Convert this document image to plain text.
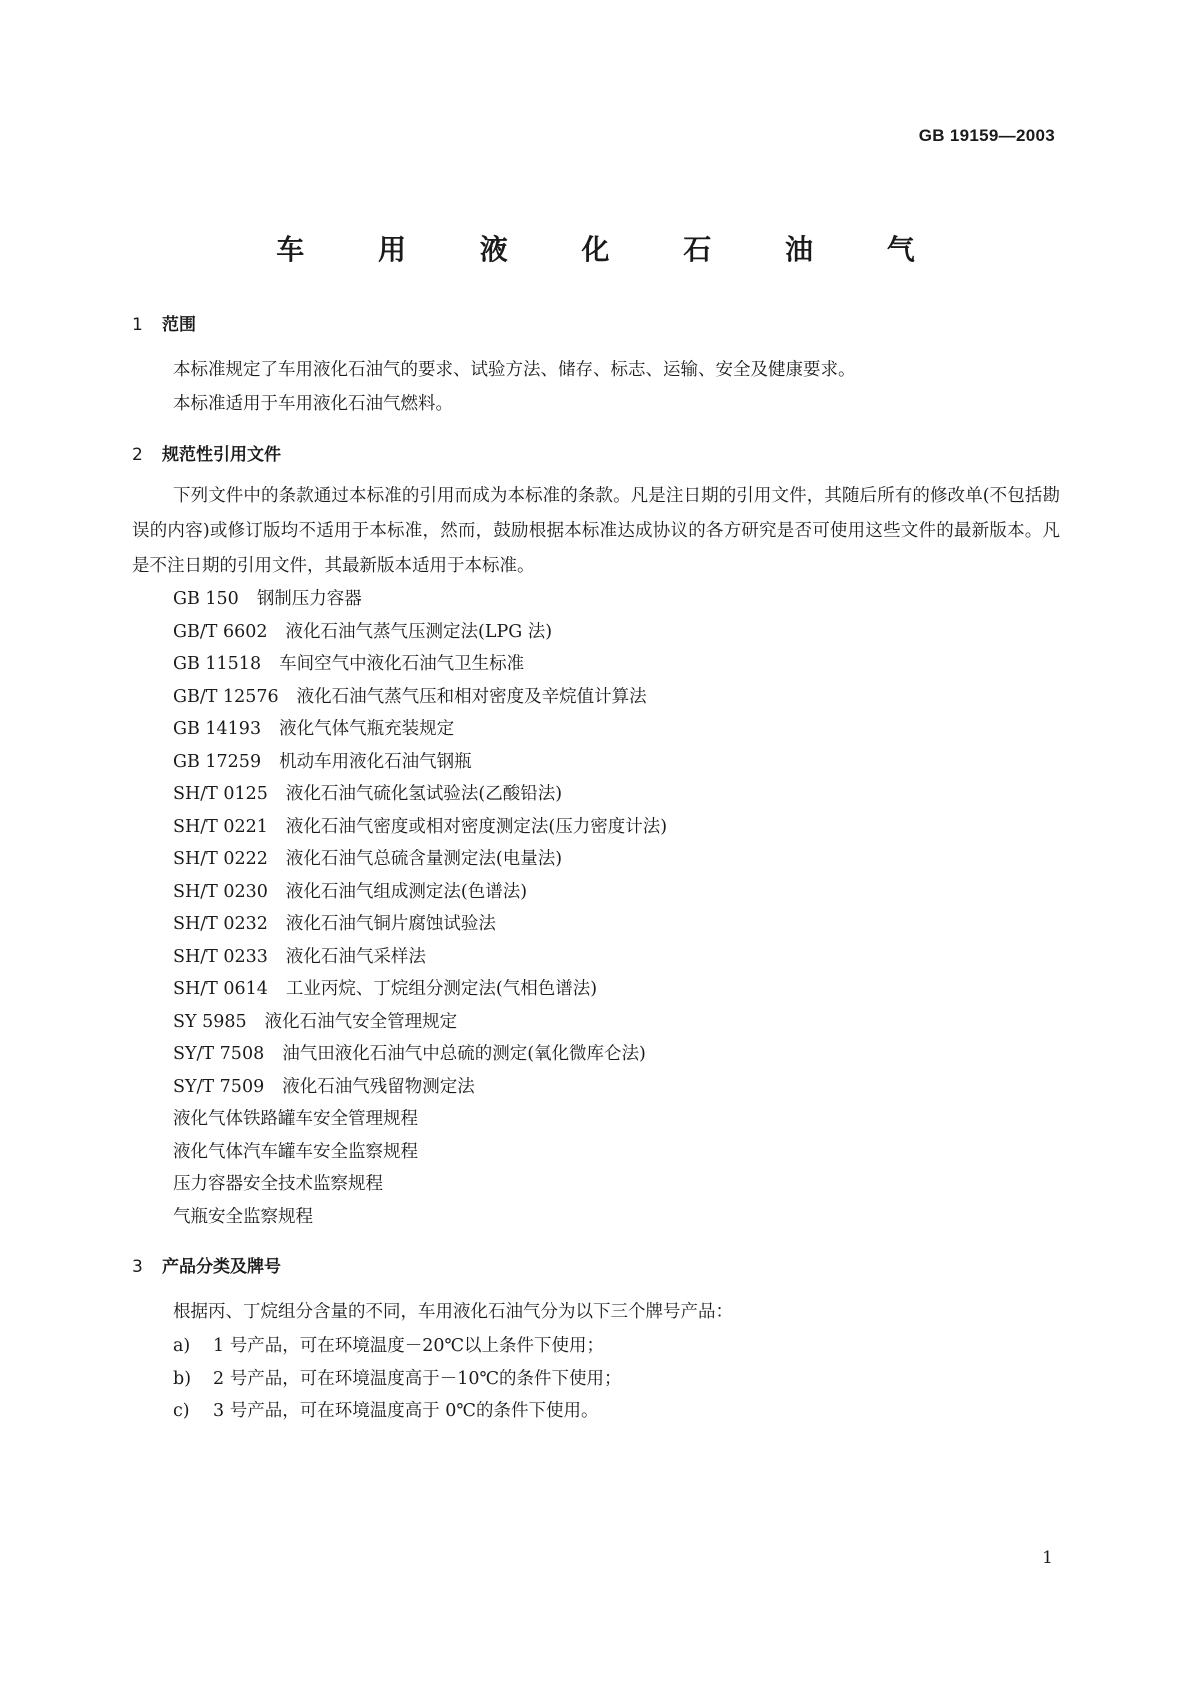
GB 19159—2003
车 用 液 化 石 油 气
1 范围

本标准规定了车用液化石油气的要求、试验方法、储存、标志、运输、安全及健康要求。

本标准适用于车用液化石油气燃料。

2 规范性引用文件

下列文件中的条款通过本标准的引用而成为本标准的条款。凡是注日期的引用文件，其随后所有的修改单(不包括勘误的内容)或修订版均不适用于本标准，然而，鼓励根据本标准达成协议的各方研究是否可使用这些文件的最新版本。凡是不注日期的引用文件，其最新版本适用于本标准。

GB 150 钢制压力容器
GB/T 6602 液化石油气蒸气压测定法(LPG 法)
GB 11518 车间空气中液化石油气卫生标准
GB/T 12576 液化石油气蒸气压和相对密度及辛烷值计算法
GB 14193 液化气体气瓶充装规定
GB 17259 机动车用液化石油气钢瓶
SH/T 0125 液化石油气硫化氢试验法(乙酸铅法)
SH/T 0221 液化石油气密度或相对密度测定法(压力密度计法)
SH/T 0222 液化石油气总硫含量测定法(电量法)
SH/T 0230 液化石油气组成测定法(色谱法)
SH/T 0232 液化石油气铜片腐蚀试验法
SH/T 0233 液化石油气采样法
SH/T 0614 工业丙烷、丁烷组分测定法(气相色谱法)
SY 5985 液化石油气安全管理规定
SY/T 7508 油气田液化石油气中总硫的测定(氧化微库仑法)
SY/T 7509 液化石油气残留物测定法
液化气体铁路罐车安全管理规程
液化气体汽车罐车安全监察规程
压力容器安全技术监察规程
气瓶安全监察规程
3 产品分类及牌号

根据丙、丁烷组分含量的不同，车用液化石油气分为以下三个牌号产品：

a) 1 号产品，可在环境温度－20℃以上条件下使用；
b) 2 号产品，可在环境温度高于－10℃的条件下使用；
c) 3 号产品，可在环境温度高于 0℃的条件下使用。
1
